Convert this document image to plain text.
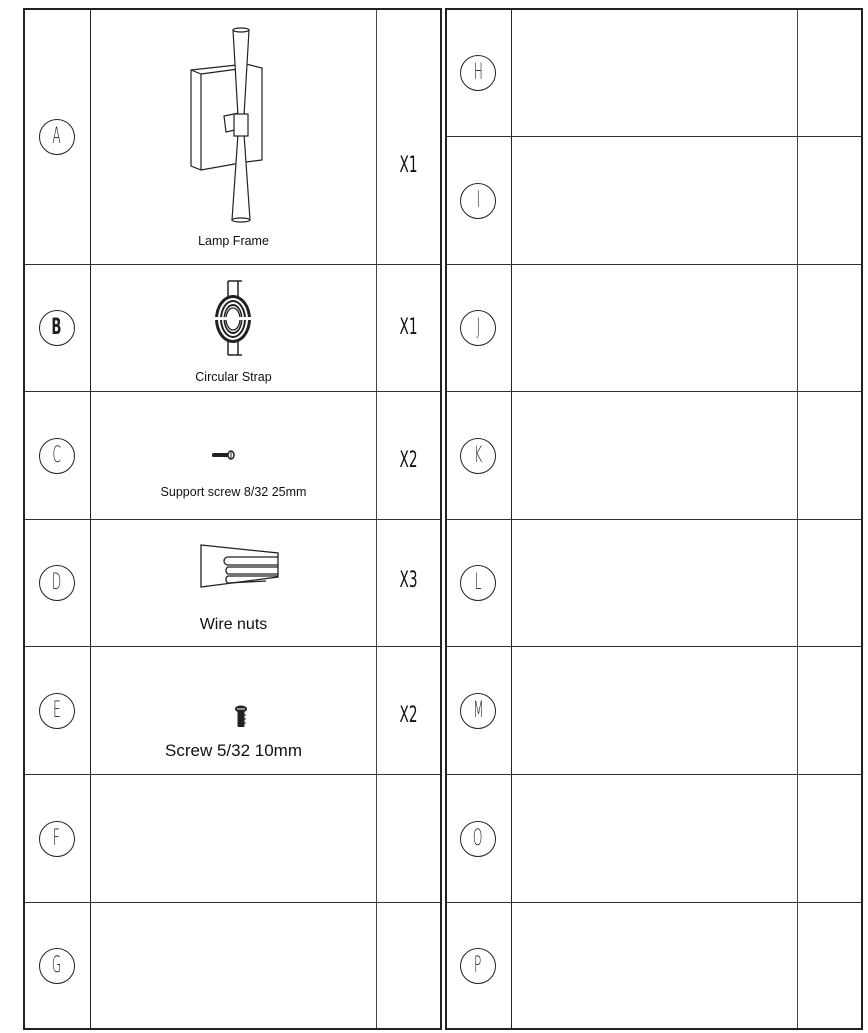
A
Lamp Frame
X1
B
Circular Strap
X1
C
Support screw 8/32 25mm
X2
D
Wire nuts
X3
E
Screw 5/32 10mm
X2
F
G
H
I
J
K
L
M
O
P
